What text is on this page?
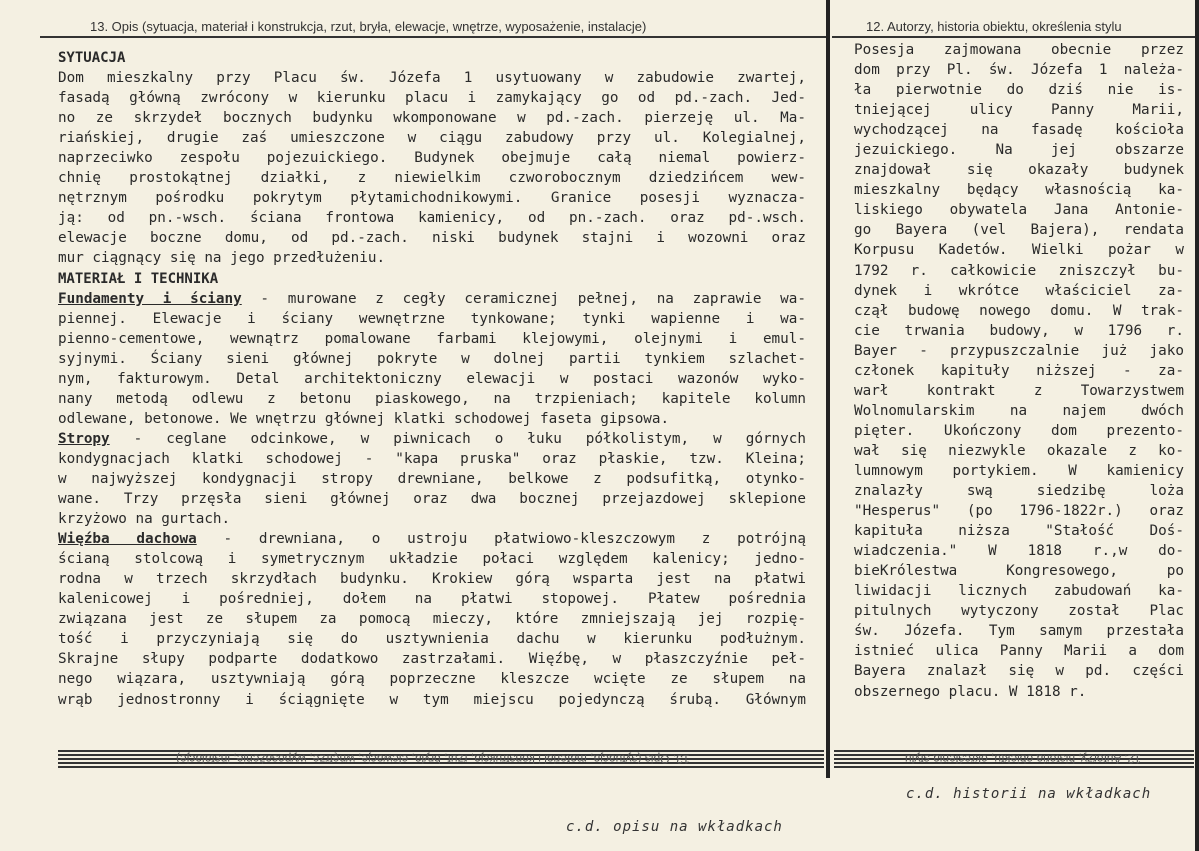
13. Opis (sytuacja, materiał i konstrukcja, rzut, bryła, elewacje, wnętrze, wyposażenie, instalacje)	12. Autorzy, historia obiektu, określenia stylu
SYTUACJA
Dom mieszkalny przy Placu św. Józefa 1 usytuowany w zabudowie zwartej,
fasadą główną zwrócony w kierunku placu i zamykający go od pd.-zach. Jed-
no ze skrzydeł bocznych budynku wkomponowane w pd.-zach. pierzeję ul. Ma-
riańskiej, drugie zaś umieszczone w ciągu zabudowy przy ul. Kolegialnej,
naprzeciwko zespołu pojezuickiego. Budynek obejmuje całą niemal powierz-
chnię prostokątnej działki, z niewielkim czworobocznym dziedzińcem wew-
nętrznym pośrodku pokrytym płytamichodnikowymi. Granice posesji wyznacza-
ją: od pn.-wsch. ściana frontowa kamienicy, od pn.-zach. oraz pd-.wsch.
elewacje boczne domu, od pd.-zach. niski budynek stajni i wozowni oraz
mur ciągnący się na jego przedłużeniu.
MATERIAŁ I TECHNIKA
Fundamenty i ściany - murowane z cegły ceramicznej pełnej, na zaprawie wa-
piennej. Elewacje i ściany wewnętrzne tynkowane; tynki wapienne i wa-
pienno-cementowe, wewnątrz pomalowane farbami klejowymi, olejnymi i emul-
syjnymi. Ściany sieni głównej pokryte w dolnej partii tynkiem szlachet-
nym, fakturowym. Detal architektoniczny elewacji w postaci wazonów wyko-
nany metodą odlewu z betonu piaskowego, na trzpieniach; kapitele kolumn
odlewane, betonowe. We wnętrzu głównej klatki schodowej faseta gipsowa.
Stropy - ceglane odcinkowe, w piwnicach o łuku półkolistym, w górnych
kondygnacjach klatki schodowej - "kapa pruska" oraz płaskie, tzw. Kleina;
w najwyższej kondygnacji stropy drewniane, belkowe z podsufitką, otynko-
wane. Trzy przęsła sieni głównej oraz dwa bocznej przejazdowej sklepione
krzyżowo na gurtach.
Więźba dachowa - drewniana, o ustroju płatwiowo-kleszczowym z potrójną
ścianą stolcową i symetrycznym układzie połaci względem kalenicy; jedno-
rodna w trzech skrzydłach budynku. Krokiew górą wsparta jest na płatwi
kalenicowej i pośredniej, dołem na płatwi stopowej. Płatew pośrednia
związana jest ze słupem za pomocą mieczy, które zmniejszają jej rozpię-
tość i przyczyniają się do usztywnienia dachu w kierunku podłużnym.
Skrajne słupy podparte dodatkowo zastrzałami. Więźbę, w płaszczyźnie peł-
nego wiązara, usztywniają górą poprzeczne kleszcze wcięte ze słupem na
wrąb jednostronny i ściągnięte w tym miejscu pojedynczą śrubą. Głównym
Posesja zajmowana obecnie przez
dom przy Pl. św. Józefa 1 należa-
ła pierwotnie do dziś nie is-
tniejącej ulicy Panny Marii,
wychodzącej na fasadę kościoła
jezuickiego. Na jej obszarze
znajdował się okazały budynek
mieszkalny będący własnością ka-
liskiego obywatela Jana Antonie-
go Bayera (vel Bajera), rendata
Korpusu Kadetów. Wielki pożar w
1792 r. całkowicie zniszczył bu-
dynek i wkrótce właściciel za-
czął budowę nowego domu. W trak-
cie trwania budowy, w 1796 r.
Bayer - przypuszczalnie już jako
członek kapituły niższej - za-
warł kontrakt z Towarzystwem
Wolnomularskim na najem dwóch
pięter. Ukończony dom prezento-
wał się niezwykle okazale z ko-
lumnowym portykiem. W kamienicy
znalazły swą siedzibę loża
"Hesperus" (po 1796-1822r.) oraz
kapituła niższa "Stałość Doś-
wiadczenia." W 1818 r.,w do-
bieKrólestwa Kongresowego, po
liwidacji licznych zabudowań ka-
pitulnych wytyczony został Plac
św. Józefa. Tym samym przestała
istnieć ulica Panny Marii a dom
Bayera znalazł się w pd. części
obszernego placu. W 1818 r.
13. Opis (sytuacja, materiał i konstrukcja, rzut, bryła, elewacje, wnętrze, wyposażenie, instalacje)	12. Autorzy, historia obiektu, określenia stylu
c.d. historii na wkładkach
c.d. opisu na wkładkach
